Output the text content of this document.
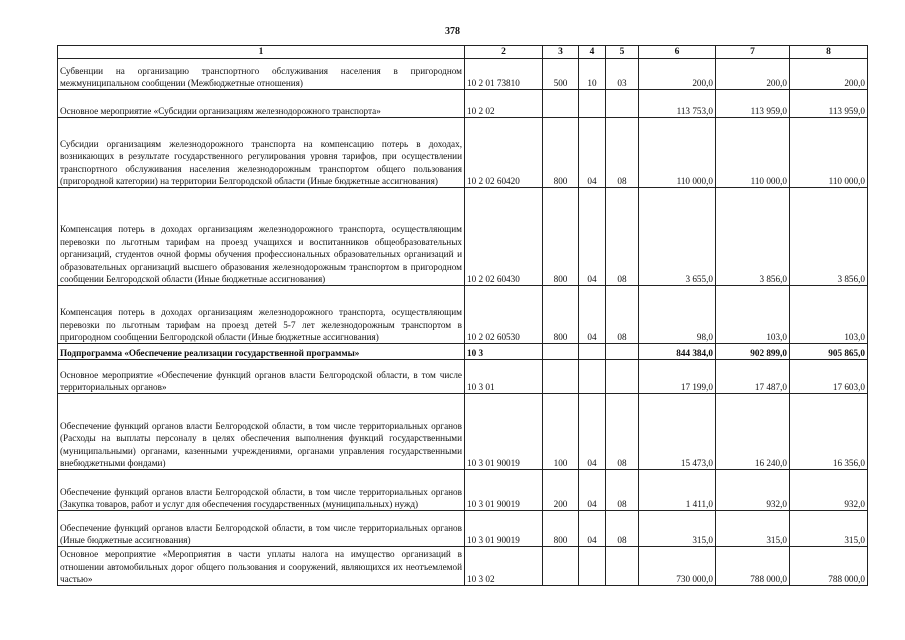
378
1	2	3	4	5	6	7	8
Субвенции на организацию транспортного обслуживания населения в пригородном межмуниципальном сообщении (Межбюджетные отношения)	10 2 01 73810	500	10	03	200,0	200,0	200,0
Основное мероприятие «Субсидии организациям железнодорожного транспорта»	10 2 02				113 753,0	113 959,0	113 959,0
Субсидии организациям железнодорожного транспорта на компенсацию потерь в доходах, возникающих в результате государственного регулирования уровня тарифов, при осуществлении транспортного обслуживания населения железнодорожным транспортом общего пользования (пригородной категории) на территории Белгородской области (Иные бюджетные ассигнования)	10 2 02 60420	800	04	08	110 000,0	110 000,0	110 000,0
Компенсация потерь в доходах организациям железнодорожного транспорта, осуществляющим перевозки по льготным тарифам на проезд учащихся и воспитанников общеобразовательных организаций, студентов очной формы обучения профессиональных образовательных организаций и образовательных организаций высшего образования железнодорожным транспортом в пригородном сообщении Белгородской области (Иные бюджетные ассигнования)	10 2 02 60430	800	04	08	3 655,0	3 856,0	3 856,0
Компенсация потерь в доходах организациям железнодорожного транспорта, осуществляющим перевозки по льготным тарифам на проезд детей 5-7 лет железнодорожным транспортом в пригородном сообщении Белгородской области (Иные бюджетные ассигнования)	10 2 02 60530	800	04	08	98,0	103,0	103,0
Подпрограмма «Обеспечение реализации государственной программы»	10 3				844 384,0	902 899,0	905 865,0
Основное мероприятие «Обеспечение функций органов власти Белгородской области, в том числе территориальных органов»	10 3 01				17 199,0	17 487,0	17 603,0
Обеспечение функций органов власти Белгородской области, в том числе территориальных органов (Расходы на выплаты персоналу в целях обеспечения выполнения функций государственными (муниципальными) органами, казенными учреждениями, органами управления государственными внебюджетными фондами)	10 3 01 90019	100	04	08	15 473,0	16 240,0	16 356,0
Обеспечение функций органов власти Белгородской области, в том числе территориальных органов (Закупка товаров, работ и услуг для обеспечения государственных (муниципальных) нужд)	10 3 01 90019	200	04	08	1 411,0	932,0	932,0
Обеспечение функций органов власти Белгородской области, в том числе территориальных органов (Иные бюджетные ассигнования)	10 3 01 90019	800	04	08	315,0	315,0	315,0
Основное мероприятие «Мероприятия в части уплаты налога на имущество организаций в отношении автомобильных дорог общего пользования и сооружений, являющихся их неотъемлемой частью»	10 3 02				730 000,0	788 000,0	788 000,0
